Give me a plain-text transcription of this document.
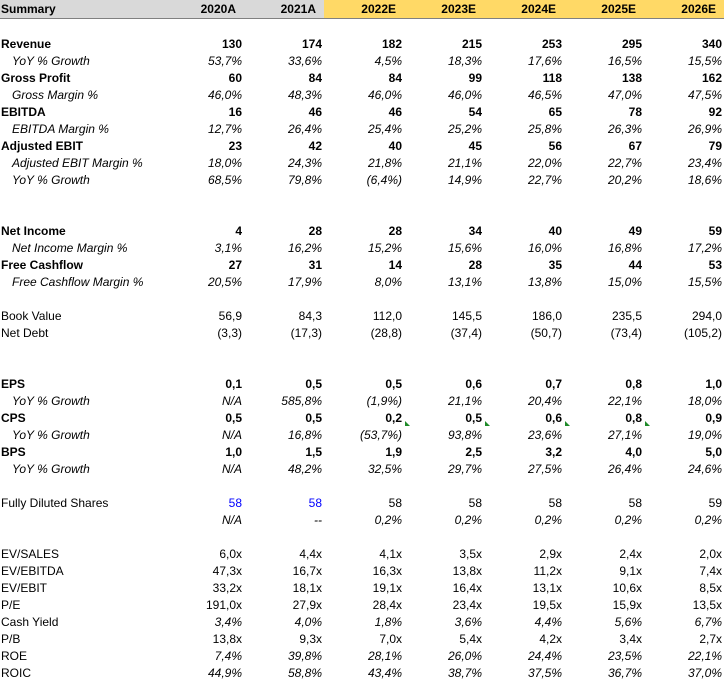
Summary	2020A	2021A	2022E	2023E	2024E	2025E	2026E

Revenue	130	174	182	215	253	295	340
YoY % Growth	53,7%	33,6%	4,5%	18,3%	17,6%	16,5%	15,5%
Gross Profit	60	84	84	99	118	138	162
Gross Margin %	46,0%	48,3%	46,0%	46,0%	46,5%	47,0%	47,5%
EBITDA	16	46	46	54	65	78	92
EBITDA Margin %	12,7%	26,4%	25,4%	25,2%	25,8%	26,3%	26,9%
Adjusted EBIT	23	42	40	45	56	67	79
Adjusted EBIT Margin %	18,0%	24,3%	21,8%	21,1%	22,0%	22,7%	23,4%
YoY % Growth	68,5%	79,8%	(6,4%)	14,9%	22,7%	20,2%	18,6%

Net Income	4	28	28	34	40	49	59
Net Income Margin %	3,1%	16,2%	15,2%	15,6%	16,0%	16,8%	17,2%
Free Cashflow	27	31	14	28	35	44	53
Free Cashflow Margin %	20,5%	17,9%	8,0%	13,1%	13,8%	15,0%	15,5%

Book Value	56,9	84,3	112,0	145,5	186,0	235,5	294,0
Net Debt	(3,3)	(17,3)	(28,8)	(37,4)	(50,7)	(73,4)	(105,2)

EPS	0,1	0,5	0,5	0,6	0,7	0,8	1,0
YoY % Growth	N/A	585,8%	(1,9%)	21,1%	20,4%	22,1%	18,0%
CPS	0,5	0,5	0,2	0,5	0,6	0,8	0,9

YoY % Growth	N/A	16,8%	(53,7%)	93,8%	23,6%	27,1%	19,0%
BPS	1,0	1,5	1,9	2,5	3,2	4,0	5,0
YoY % Growth	N/A	48,2%	32,5%	29,7%	27,5%	26,4%	24,6%

Fully Diluted Shares	58	58	58	58	58	58	59
	N/A	--	0,2%	0,2%	0,2%	0,2%	0,2%

EV/SALES	6,0x	4,4x	4,1x	3,5x	2,9x	2,4x	2,0x
EV/EBITDA	47,3x	16,7x	16,3x	13,8x	11,2x	9,1x	7,4x
EV/EBIT	33,2x	18,1x	19,1x	16,4x	13,1x	10,6x	8,5x
P/E	191,0x	27,9x	28,4x	23,4x	19,5x	15,9x	13,5x
Cash Yield	3,4%	4,0%	1,8%	3,6%	4,4%	5,6%	6,7%
P/B	13,8x	9,3x	7,0x	5,4x	4,2x	3,4x	2,7x
ROE	7,4%	39,8%	28,1%	26,0%	24,4%	23,5%	22,1%
ROIC	44,9%	58,8%	43,4%	38,7%	37,5%	36,7%	37,0%
